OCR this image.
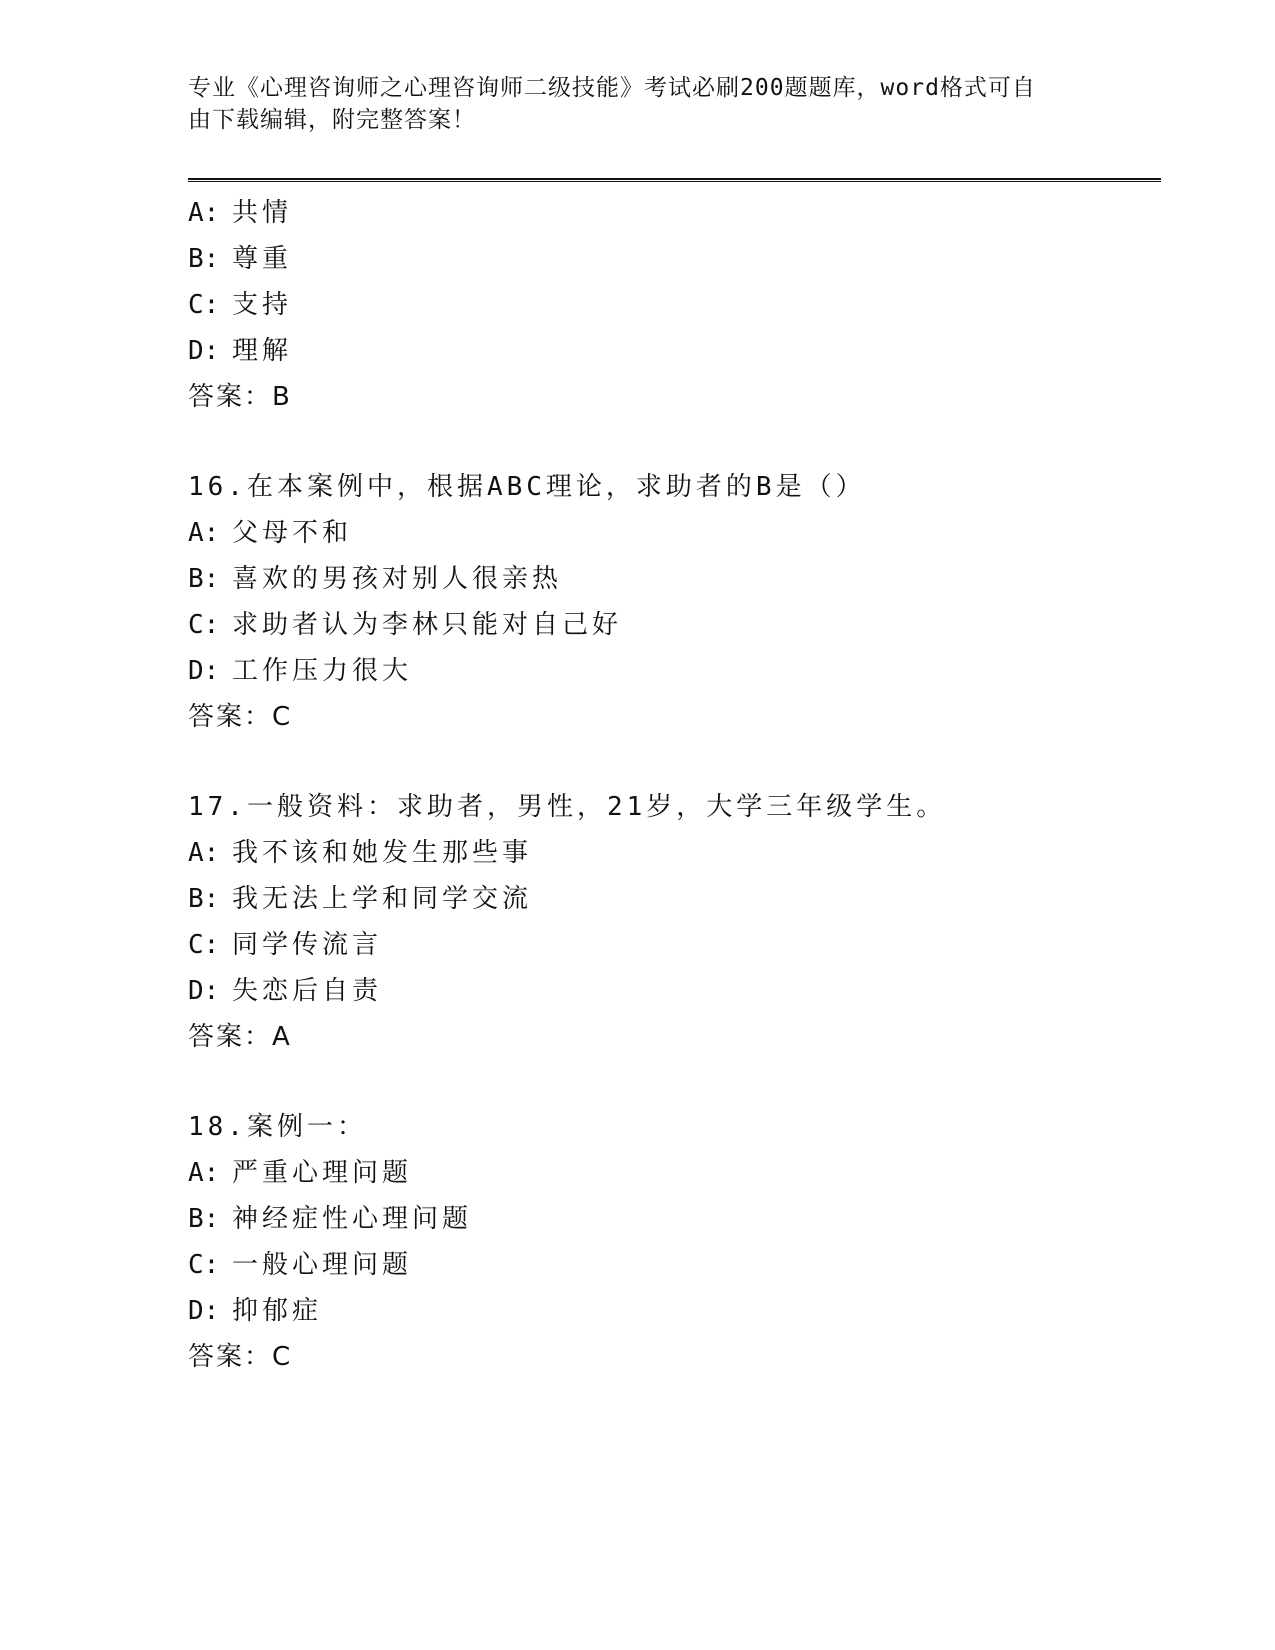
专业《心理咨询师之心理咨询师二级技能》考试必刷200题题库，word格式可自
由下载编辑，附完整答案！
A: 共情
B: 尊重
C: 支持
D: 理解
答案：B
16.在本案例中，根据ABC理论，求助者的B是（）
A: 父母不和
B: 喜欢的男孩对别人很亲热
C: 求助者认为李林只能对自己好
D: 工作压力很大
答案：C
17.一般资料：求助者，男性，21岁，大学三年级学生。
A: 我不该和她发生那些事
B: 我无法上学和同学交流
C: 同学传流言
D: 失恋后自责
答案：A
18.案例一：
A: 严重心理问题
B: 神经症性心理问题
C: 一般心理问题
D: 抑郁症
答案：C
